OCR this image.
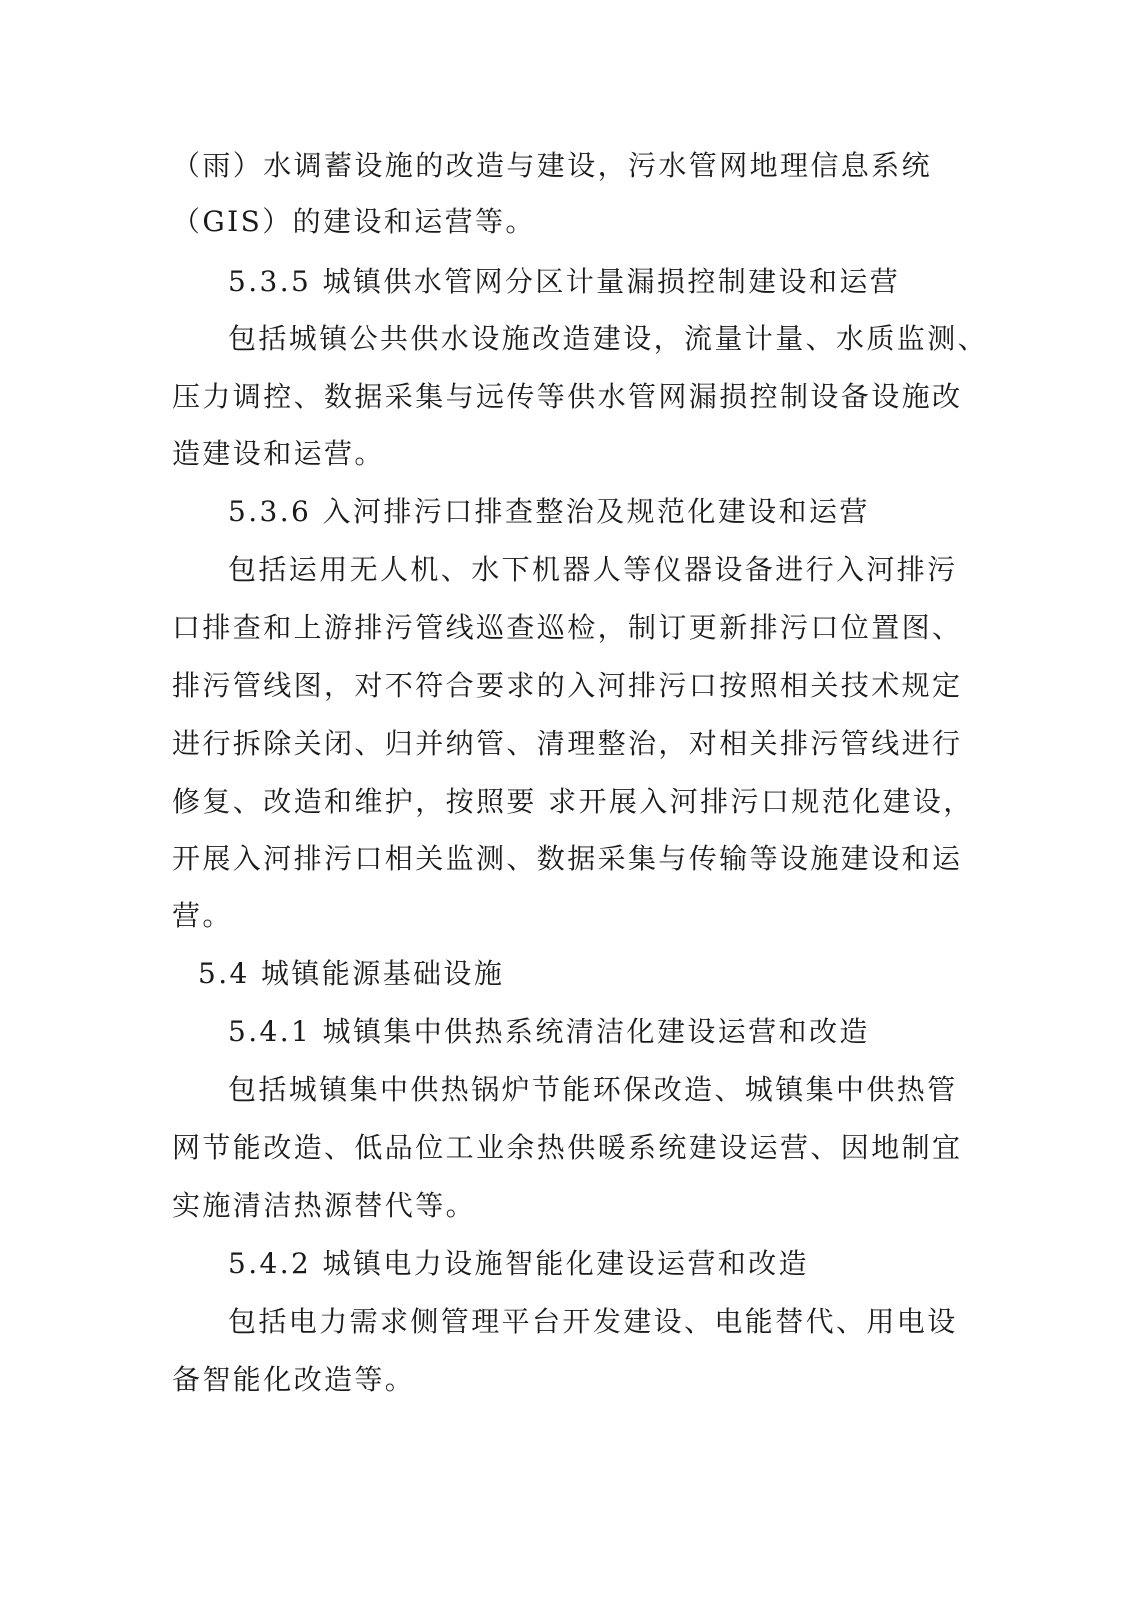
（雨）水调蓄设施的改造与建设，污水管网地理信息系统
（GIS）的建设和运营等。
5.3.5 城镇供水管网分区计量漏损控制建设和运营
包括城镇公共供水设施改造建设，流量计量、水质监测、
压力调控、数据采集与远传等供水管网漏损控制设备设施改
造建设和运营。
5.3.6 入河排污口排查整治及规范化建设和运营
包括运用无人机、水下机器人等仪器设备进行入河排污
口排查和上游排污管线巡查巡检，制订更新排污口位置图、
排污管线图，对不符合要求的入河排污口按照相关技术规定
进行拆除关闭、归并纳管、清理整治，对相关排污管线进行
修复、改造和维护，按照要 求开展入河排污口规范化建设，
开展入河排污口相关监测、数据采集与传输等设施建设和运
营。
5.4 城镇能源基础设施
5.4.1 城镇集中供热系统清洁化建设运营和改造
包括城镇集中供热锅炉节能环保改造、城镇集中供热管
网节能改造、低品位工业余热供暖系统建设运营、因地制宜
实施清洁热源替代等。
5.4.2 城镇电力设施智能化建设运营和改造
包括电力需求侧管理平台开发建设、电能替代、用电设
备智能化改造等。
